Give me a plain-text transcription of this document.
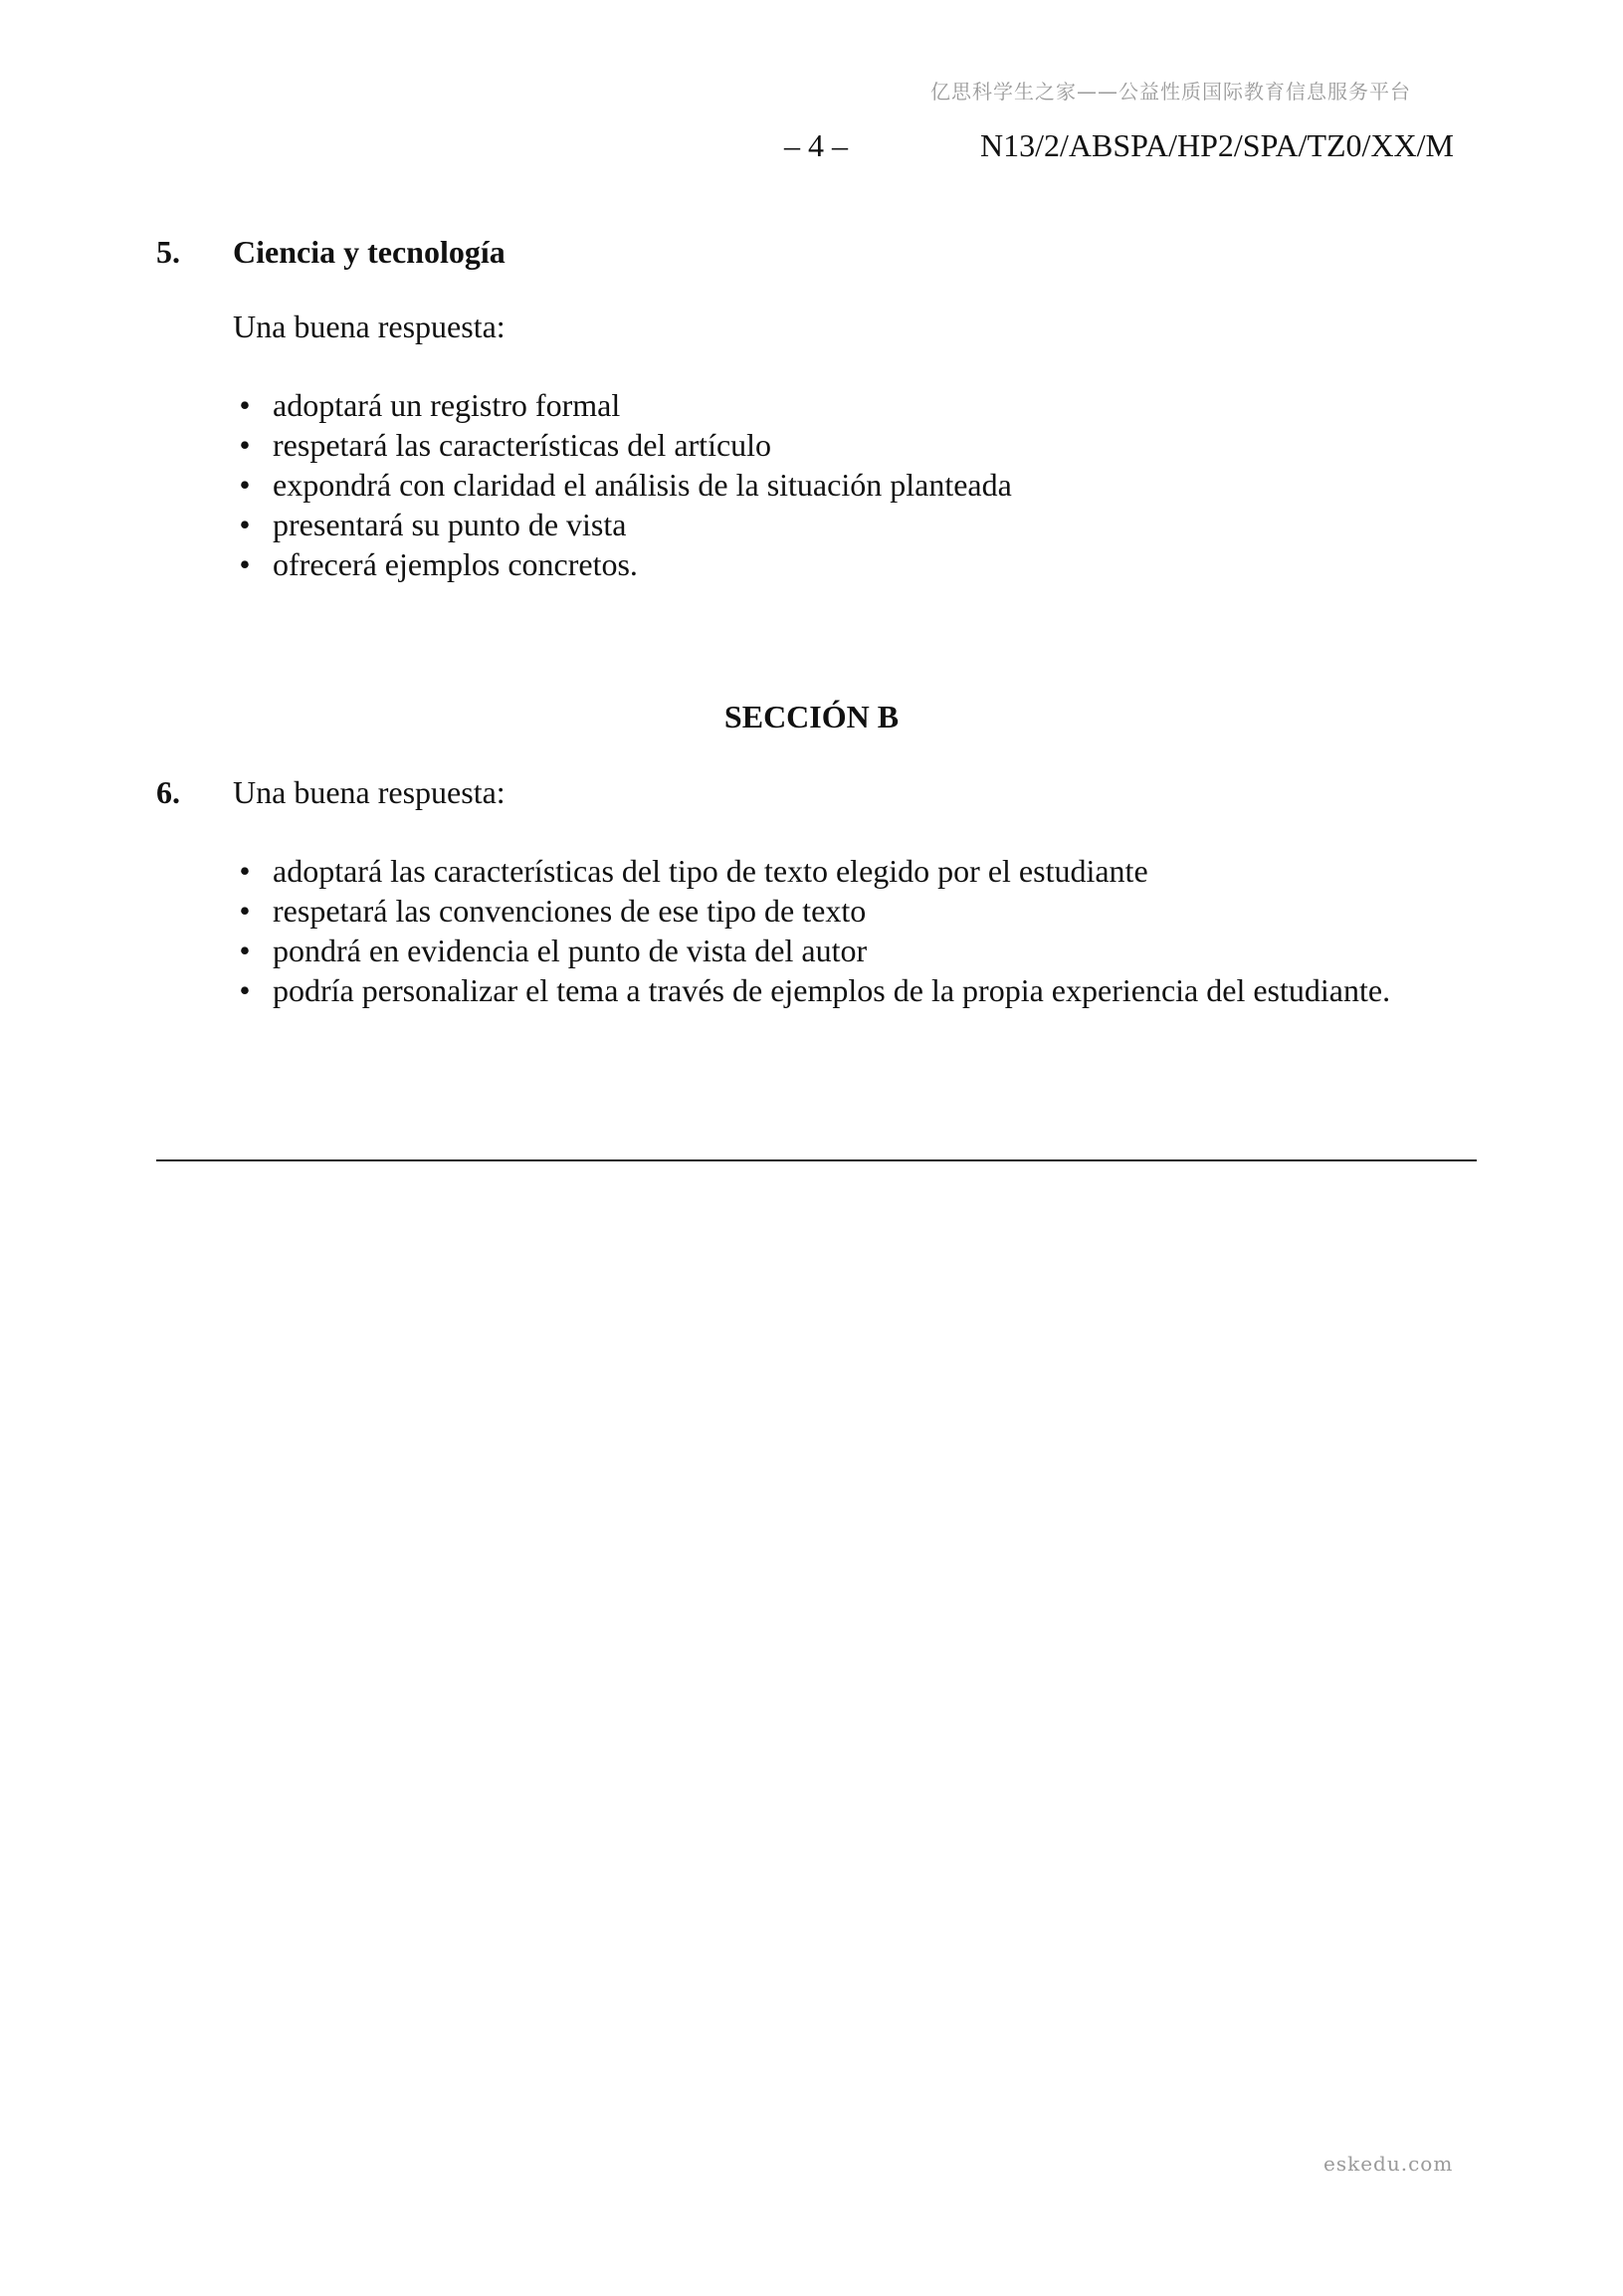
亿思科学生之家——公益性质国际教育信息服务平台
– 4 –	N13/2/ABSPA/HP2/SPA/TZ0/XX/M
5. Ciencia y tecnología
Una buena respuesta:
• adoptará un registro formal
• respetará las características del artículo
• expondrá con claridad el análisis de la situación planteada
• presentará su punto de vista
• ofrecerá ejemplos concretos.
SECCIÓN B
6. Una buena respuesta:
• adoptará las características del tipo de texto elegido por el estudiante
• respetará las convenciones de ese tipo de texto
• pondrá en evidencia el punto de vista del autor
• podría personalizar el tema a través de ejemplos de la propia experiencia del estudiante.
eskedu.com
